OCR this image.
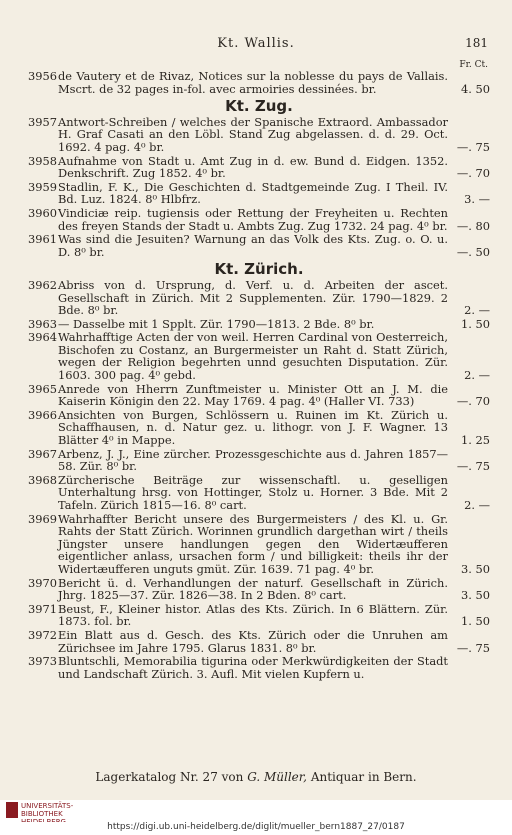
Kt. Wallis.	181
Fr. Ct.
3956 de Vautery et de Rivaz, Notices sur la noblesse du pays de Vallais. Mscrt. de 32 pages in-fol. avec armoiries dessinées. br.	4. 50
Kt. Zug.
3957 Antwort-Schreiben / welches der Spanische Extraord. Ambassador H. Graf Casati an den Löbl. Stand Zug abgelassen. d. d. 29. Oct. 1692. 4 pag. 4⁰ br.	—. 75
3958 Aufnahme von Stadt u. Amt Zug in d. ew. Bund d. Eidgen. 1352. Denkschrift. Zug 1852. 4⁰ br.	—. 70
3959 Stadlin, F. K., Die Geschichten d. Stadtgemeinde Zug. I Theil. IV. Bd. Luz. 1824. 8⁰ Hlbfrz.	3. —
3960 Vindiciæ reip. tugiensis oder Rettung der Freyheiten u. Rechten des freyen Stands der Stadt u. Ambts Zug. Zug 1732. 24 pag. 4⁰ br. —. 80
3961 Was sind die Jesuiten? Warnung an das Volk des Kts. Zug. o. O. u. D. 8⁰ br.	—. 50
Kt. Zürich.
3962 Abriss von d. Ursprung, d. Verf. u. d. Arbeiten der ascet. Gesellschaft in Zürich. Mit 2 Supplementen. Zür. 1790—1829. 2 Bde. 8⁰ br.	2. —
3963 — Dasselbe mit 1 Spplt. Zür. 1790—1813. 2 Bde. 8⁰ br.	1. 50
3964 Wahrhafftige Acten der von weil. Herren Cardinal von Oesterreich, Bischofen zu Costanz, an Burgermeister un Raht d. Statt Zürich, wegen der Religion begehrten unnd gesuchten Disputation. Zür. 1603. 300 pag. 4⁰ gebd.	2. —
3965 Anrede von Hherrn Zunftmeister u. Minister Ott an J. M. die Kaiserin Königin den 22. May 1769. 4 pag. 4⁰ (Haller VI. 733)	—. 70
3966 Ansichten von Burgen, Schlössern u. Ruinen im Kt. Zürich u. Schaffhausen, n. d. Natur gez. u. lithogr. von J. F. Wagner. 13 Blätter 4⁰ in Mappe.	1. 25
3967 Arbenz, J. J., Eine zürcher. Prozessgeschichte aus d. Jahren 1857—58. Zür. 8⁰ br.	—. 75
3968 Zürcherische Beiträge zur wissenschaftl. u. geselligen Unterhaltung hrsg. von Hottinger, Stolz u. Horner. 3 Bde. Mit 2 Tafeln. Zürich 1815—16. 8⁰ cart.	2. —
3969 Wahrhaffter Bericht unsere des Burgermeisters / des Kl. u. Gr. Rahts der Statt Zürich. Worinnen grundlich dargethan wirt / theils Jüngster unsere handlungen gegen den Widertæufferen eigentlicher anlass, ursachen form / und billigkeit: theils ihr der Widertæufferen unguts gmüt. Zür. 1639. 71 pag. 4⁰ br.	3. 50
3970 Bericht ü. d. Verhandlungen der naturf. Gesellschaft in Zürich. Jhrg. 1825—37. Zür. 1826—38. In 2 Bden. 8⁰ cart.	3. 50
3971 Beust, F., Kleiner histor. Atlas des Kts. Zürich. In 6 Blättern. Zür. 1873. fol. br.	1. 50
3972 Ein Blatt aus d. Gesch. des Kts. Zürich oder die Unruhen am Zürichsee im Jahre 1795. Glarus 1831. 8⁰ br.	—. 75
3973 Bluntschli, Memorabilia tigurina oder Merkwürdigkeiten der Stadt und Landschaft Zürich. 3. Aufl. Mit vielen Kupfern u.
Lagerkatalog Nr. 27 von G. Müller, Antiquar in Bern.
UNIVERSITÄTS-
BIBLIOTHEK

https://digi.ub.uni-heidelberg.de/diglit/mueller_bern1887_27/0187
